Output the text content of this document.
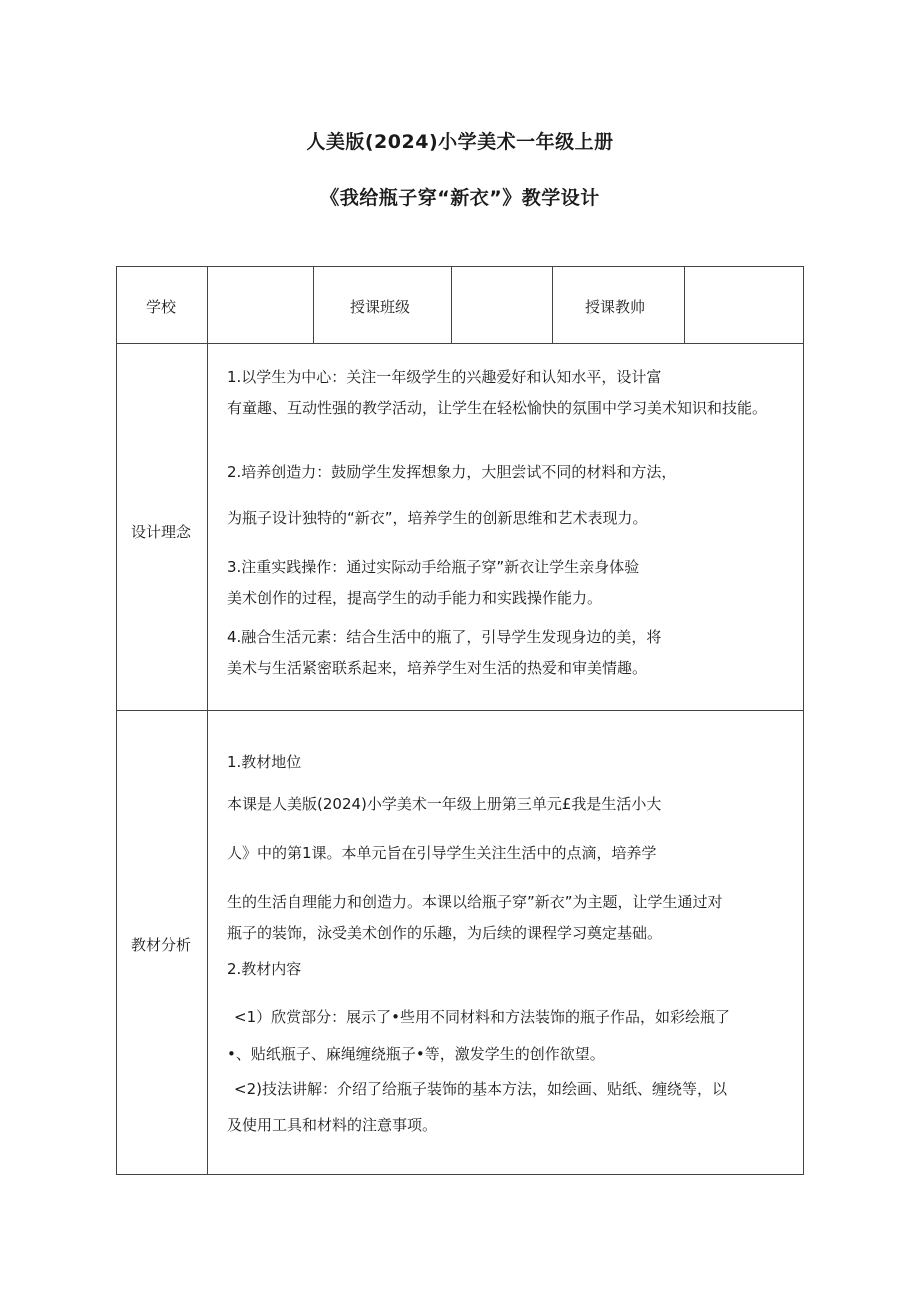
人美版(2024)小学美术一年级上册
《我给瓶子穿“新衣”》教学设计
学校	授课班级	授课教帅
设计理念
1.以学生为中心：关注一年级学生的兴趣爱好和认知水平，设计富
有童趣、互动性强的教学活动，让学生在轻松愉快的氛围中学习美术知识和技能。
2.培养创造力：鼓励学生发挥想象力，大胆尝试不同的材料和方法，
为瓶子设计独特的“新衣”，培养学生的创新思维和艺术表现力。
3.注重实践操作：通过实际动手给瓶子穿”新衣让学生亲身体验
美术创作的过程，提高学生的动手能力和实践操作能力。
4.融合生活元素：结合生活中的瓶了，引导学生发现身边的美，将
美术与生活紧密联系起来，培养学生对生活的热爱和审美情趣。
教材分析
1.教材地位
本课是人美版(2024)小学美术一年级上册第三单元£我是生活小大
人》中的第1课。本单元旨在引导学生关注生活中的点滴，培养学
生的生活自理能力和创造力。本课以给瓶子穿”新衣”为主题，让学生通过对
瓶子的装饰，泳受美术创作的乐趣，为后续的课程学习奠定基础。
2.教材内容
<1）欣赏部分：展示了•些用不同材料和方法装饰的瓶子作品，如彩绘瓶了
•、贴纸瓶子、麻绳缠绕瓶子•等，激发学生的创作欲望。
<2)技法讲解：介绍了给瓶子装饰的基本方法，如绘画、贴纸、缠绕等，以
及使用工具和材料的注意事项。
